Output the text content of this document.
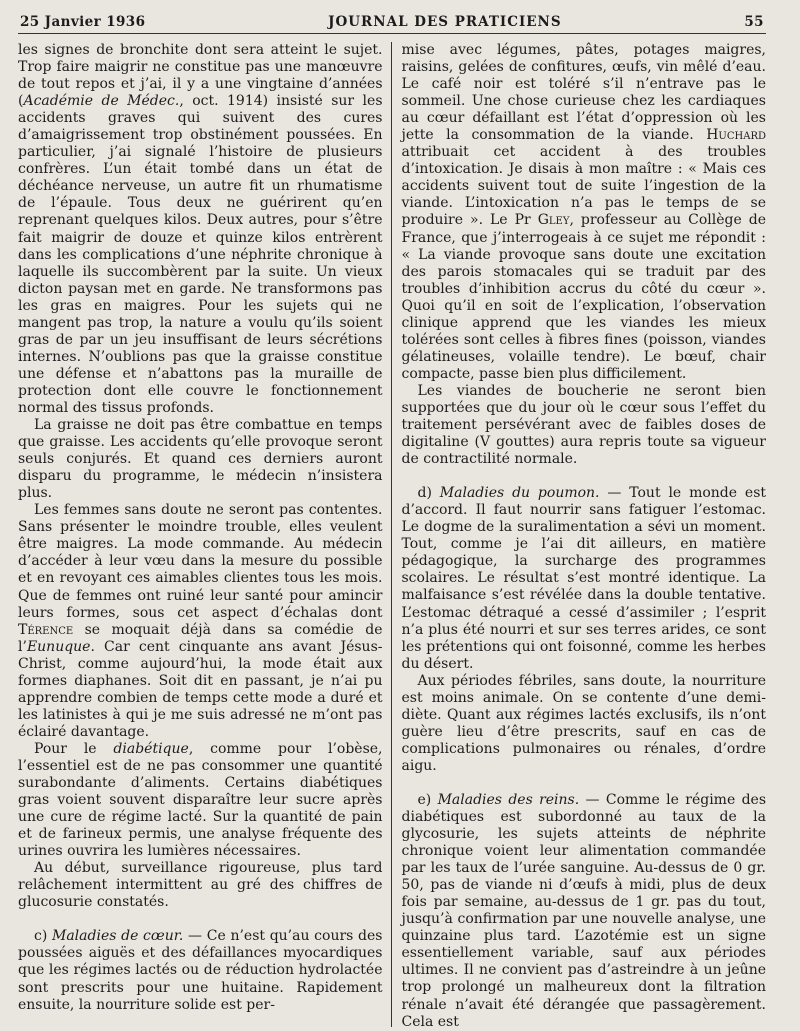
25 Janvier 1936	JOURNAL DES PRATICIENS	55

les signes de bronchite dont sera atteint le sujet. Trop faire maigrir ne constitue pas une manœuvre de tout repos et j’ai, il y a une vingtaine d’années (Académie de Médec., oct. 1914) insisté sur les accidents graves qui suivent des cures d’amaigrissement trop obstinément poussées. En particulier, j’ai signalé l’histoire de plusieurs confrères. L’un était tombé dans un état de déchéance nerveuse, un autre fit un rhumatisme de l’épaule. Tous deux ne guérirent qu’en reprenant quelques kilos. Deux autres, pour s’être fait maigrir de douze et quinze kilos entrèrent dans les complications d’une néphrite chronique à laquelle ils succombèrent par la suite. Un vieux dicton paysan met en garde. Ne transformons pas les gras en maigres. Pour les sujets qui ne mangent pas trop, la nature a voulu qu’ils soient gras de par un jeu insuffisant de leurs sécrétions internes. N’oublions pas que la graisse constitue une défense et n’abattons pas la muraille de protection dont elle couvre le fonctionnement normal des tissus profonds.

La graisse ne doit pas être combattue en temps que graisse. Les accidents qu’elle provoque seront seuls conjurés. Et quand ces derniers auront disparu du programme, le médecin n’insistera plus.

Les femmes sans doute ne seront pas contentes. Sans présenter le moindre trouble, elles veulent être maigres. La mode commande. Au médecin d’accéder à leur vœu dans la mesure du possible et en revoyant ces aimables clientes tous les mois. Que de femmes ont ruiné leur santé pour amincir leurs formes, sous cet aspect d’échalas dont Térence se moquait déjà dans sa comédie de l’Eunuque. Car cent cinquante ans avant Jésus-Christ, comme aujourd’hui, la mode était aux formes diaphanes. Soit dit en passant, je n’ai pu apprendre combien de temps cette mode a duré et les latinistes à qui je me suis adressé ne m’ont pas éclairé davantage.

Pour le diabétique, comme pour l’obèse, l’essentiel est de ne pas consommer une quantité surabondante d’aliments. Certains diabétiques gras voient souvent disparaître leur sucre après une cure de régime lacté. Sur la quantité de pain et de farineux permis, une analyse fréquente des urines ouvrira les lumières nécessaires.

Au début, surveillance rigoureuse, plus tard relâchement intermittent au gré des chiffres de glucosurie constatés.

c) Maladies de cœur. — Ce n’est qu’au cours des poussées aiguës et des défaillances myocardiques que les régimes lactés ou de réduction hydrolactée sont prescrits pour une huitaine. Rapidement ensuite, la nourriture solide est per-

mise avec légumes, pâtes, potages maigres, raisins, gelées de confitures, œufs, vin mêlé d’eau. Le café noir est toléré s’il n’entrave pas le sommeil. Une chose curieuse chez les cardiaques au cœur défaillant est l’état d’oppression où les jette la consommation de la viande. Huchard attribuait cet accident à des troubles d’intoxication. Je disais à mon maître : « Mais ces accidents suivent tout de suite l’ingestion de la viande. L’intoxication n’a pas le temps de se produire ». Le Pr Gley, professeur au Collège de France, que j’interrogeais à ce sujet me répondit : « La viande provoque sans doute une excitation des parois stomacales qui se traduit par des troubles d’inhibition accrus du côté du cœur ». Quoi qu’il en soit de l’explication, l’observation clinique apprend que les viandes les mieux tolérées sont celles à fibres fines (poisson, viandes gélatineuses, volaille tendre). Le bœuf, chair compacte, passe bien plus difficilement.

Les viandes de boucherie ne seront bien supportées que du jour où le cœur sous l’effet du traitement persévérant avec de faibles doses de digitaline (V gouttes) aura repris toute sa vigueur de contractilité normale.

d) Maladies du poumon. — Tout le monde est d’accord. Il faut nourrir sans fatiguer l’estomac. Le dogme de la suralimentation a sévi un moment. Tout, comme je l’ai dit ailleurs, en matière pédagogique, la surcharge des programmes scolaires. Le résultat s’est montré identique. La malfaisance s’est révélée dans la double tentative. L’estomac détraqué a cessé d’assimiler ; l’esprit n’a plus été nourri et sur ses terres arides, ce sont les prétentions qui ont foisonné, comme les herbes du désert.

Aux périodes fébriles, sans doute, la nourriture est moins animale. On se contente d’une demi-diète. Quant aux régimes lactés exclusifs, ils n’ont guère lieu d’être prescrits, sauf en cas de complications pulmonaires ou rénales, d’ordre aigu.

e) Maladies des reins. — Comme le régime des diabétiques est subordonné au taux de la glycosurie, les sujets atteints de néphrite chronique voient leur alimentation commandée par les taux de l’urée sanguine. Au-dessus de 0 gr. 50, pas de viande ni d’œufs à midi, plus de deux fois par semaine, au-dessus de 1 gr. pas du tout, jusqu’à confirmation par une nouvelle analyse, une quinzaine plus tard. L’azotémie est un signe essentiellement variable, sauf aux périodes ultimes. Il ne convient pas d’astreindre à un jeûne trop prolongé un malheureux dont la filtration rénale n’avait été dérangée que passagèrement. Cela est
